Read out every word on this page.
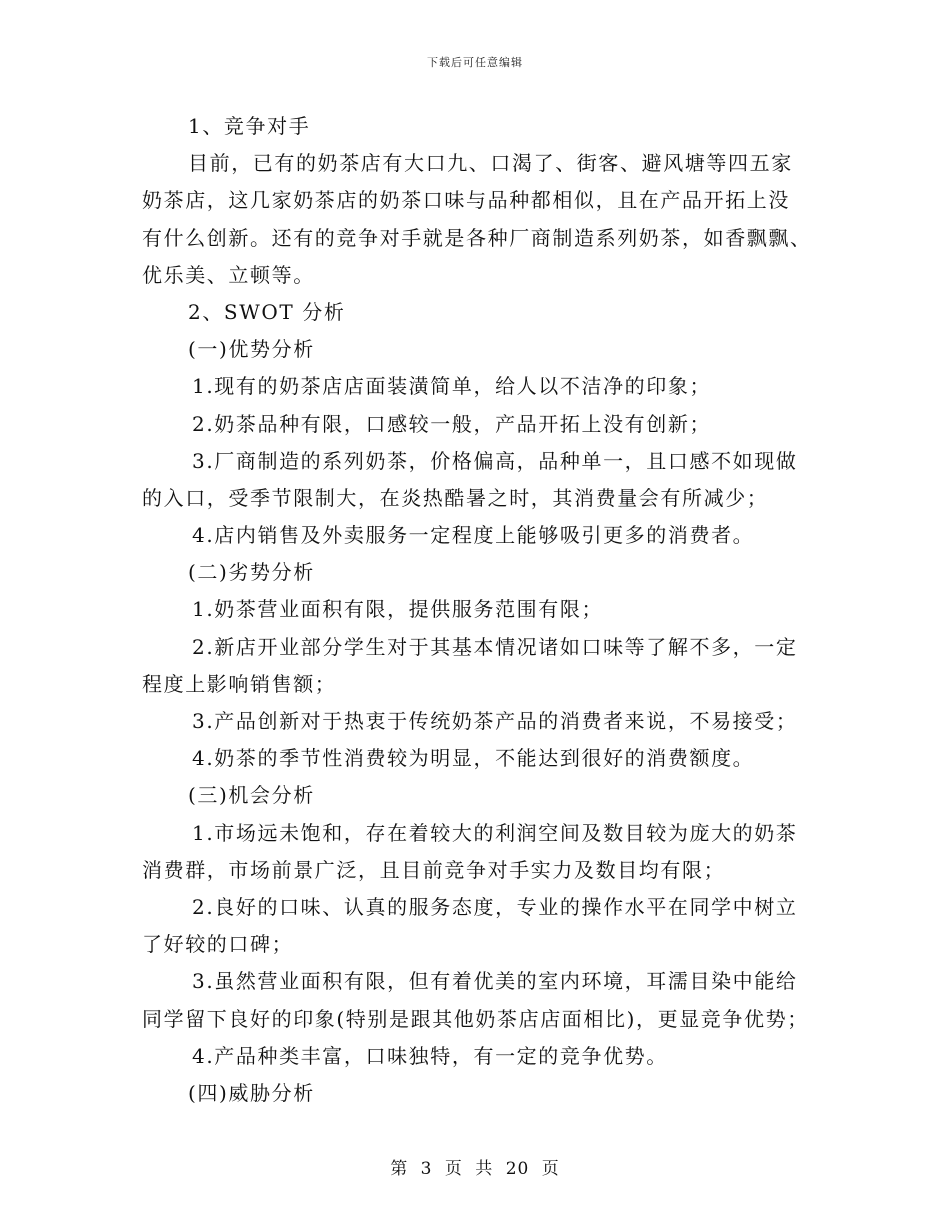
下载后可任意编辑
1、竞争对手
目前，已有的奶茶店有大口九、口渴了、街客、避风塘等四五家
奶茶店，这几家奶茶店的奶茶口味与品种都相似，且在产品开拓上没
有什么创新。还有的竞争对手就是各种厂商制造系列奶茶，如香飘飘、
优乐美、立顿等。
2、SWOT 分析
(一)优势分析
1.现有的奶茶店店面装潢简单，给人以不洁净的印象；
2.奶茶品种有限，口感较一般，产品开拓上没有创新；
3.厂商制造的系列奶茶，价格偏高，品种单一，且口感不如现做
的入口，受季节限制大，在炎热酷暑之时，其消费量会有所减少；
4.店内销售及外卖服务一定程度上能够吸引更多的消费者。
(二)劣势分析
1.奶茶营业面积有限，提供服务范围有限；
2.新店开业部分学生对于其基本情况诸如口味等了解不多，一定
程度上影响销售额；
3.产品创新对于热衷于传统奶茶产品的消费者来说，不易接受；
4.奶茶的季节性消费较为明显，不能达到很好的消费额度。
(三)机会分析
1.市场远未饱和，存在着较大的利润空间及数目较为庞大的奶茶
消费群，市场前景广泛，且目前竞争对手实力及数目均有限；
2.良好的口味、认真的服务态度，专业的操作水平在同学中树立
了好较的口碑；
3.虽然营业面积有限，但有着优美的室内环境，耳濡目染中能给
同学留下良好的印象(特别是跟其他奶茶店店面相比)，更显竞争优势；
4.产品种类丰富，口味独特，有一定的竞争优势。
(四)威胁分析
第 3 页 共 20 页
